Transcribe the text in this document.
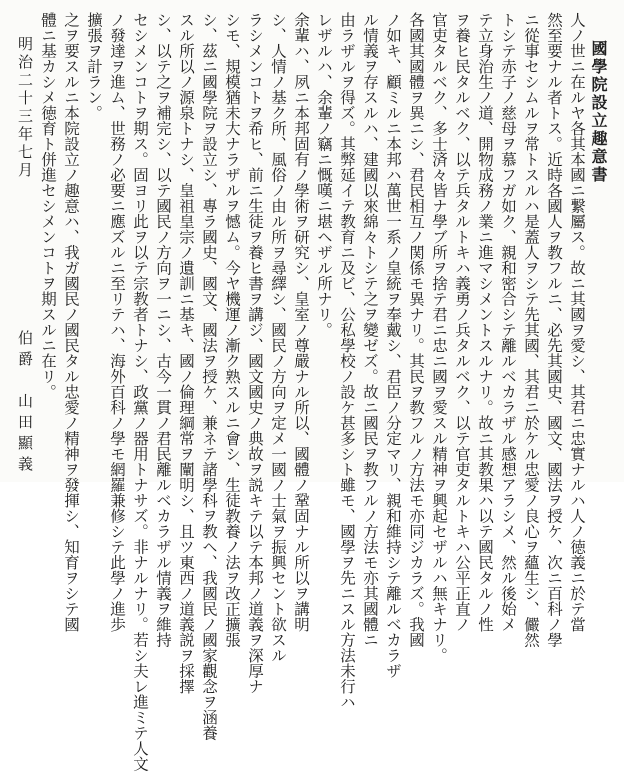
國學院設立趣意書
人ノ世ニ在ルヤ各其本國ニ繋屬ス。故ニ其國ヲ愛シ、其君ニ忠實ナルハ人ノ徳義ニ於テ當
然至要ナル者トス。近時各國人ヲ教フルニ、必先其國史、國文、國法ヲ授ケ、次ニ百科ノ學
ニ從事セシムルヲ常トスルハ是蓋人ヲシテ先其國、其君ニ於ケル忠愛ノ良心ヲ蘊生シ、儼然
トシテ赤子ノ慈母ヲ慕フガ如ク、親和密合シテ離ルベカラザル感想アラシメ、然ル後始メ
テ立身治生ノ道、開物成務ノ業ニ進マシメントスルナリ。故ニ其教果ハ以テ國民タルノ性
ヲ養ヒ民タルベク、以テ兵タルトキハ義勇ノ兵タルベク、以テ官吏タルトキハ公平正直ノ
官吏タルベク、多士済々皆ナ學ブ所ヲ捨テ君ニ忠ニ國ヲ愛スル精神ヲ興起セザルハ無キナリ。
各國其國體ヲ異ニシ、君民相互ノ関係モ異ナリ。其民ヲ教フルノ方法モ亦同ジカラズ。我國
ノ如キ、顧ミルニ本邦ハ萬世一系ノ皇統ヲ奉戴シ、君臣ノ分定マリ、親和維持シテ離ルベカラザ
ル情義ヲ存スルハ、建國以來綿々トシテ之ヲ變ゼズ。故ニ國民ヲ教フルノ方法モ亦其國體ニ
由ラザルヲ得ズ。其弊延イテ教育ニ及ビ、公私學校ノ設ケ甚多シト雖モ、國學ヲ先ニスル方法未行ハ
レザルハ、余輩ノ竊ニ慨嘆ニ堪ヘザル所ナリ。
余輩ハ、夙ニ本邦固有ノ學術ヲ研究シ、皇室ノ尊嚴ナル所以、國體ノ鞏固ナル所以ヲ講明
シ、人情ノ基ク所、風俗ノ由ル所ヲ尋繹シ、國民ノ方向ヲ定メ一國ノ士氣ヲ振興セント欲スル
ラシメンコトヲ希ヒ、前ニ生徒ヲ養ヒ書ヲ講ジ、國文國史ノ典故ヲ説キテ以テ本邦ノ道義ヲ深厚ナ
シモ、規模猶未大ナラザルヲ憾ム。今ヤ機運ノ漸ク熟スルニ會シ、生徒教養ノ法ヲ改正擴張
シ、茲ニ國學院ヲ設立シ、專ラ國史、國文、國法ヲ授ケ、兼ネテ諸學科ヲ教ヘ、我國民ノ國家觀念ヲ涵養
スル所以ノ源泉トナシ、皇祖皇宗ノ遺訓ニ基キ、國ノ倫理綱常ヲ闡明シ、且ツ東西ノ道義説ヲ採擇
シ、以テ之ヲ補完シ、以テ國民ノ方向ヲ一ニシ、古今一貫ノ君民離ルベカラザル情義ヲ維持
セシメンコトヲ期ス。固ヨリ此ヲ以テ宗教者トナシ、政黨ノ器用トナサズ。非ナルナリ。若シ夫レ進ミテ人文
ノ發達ヲ進ム、世務ノ必要ニ應ズルニ至リテハ、海外百科ノ學モ網羅兼修シテ此學ノ進歩
擴張ヲ計ラン。
之ヲ要スルニ本院設立ノ趣意ハ、我ガ國民ノ國民タル忠愛ノ精神ヲ發揮シ、知育ヲシテ國
體ニ基カシメ徳育ト併進セシメンコトヲ期スルニ在リ。
明治二十三年七月
伯爵　山田顯義
